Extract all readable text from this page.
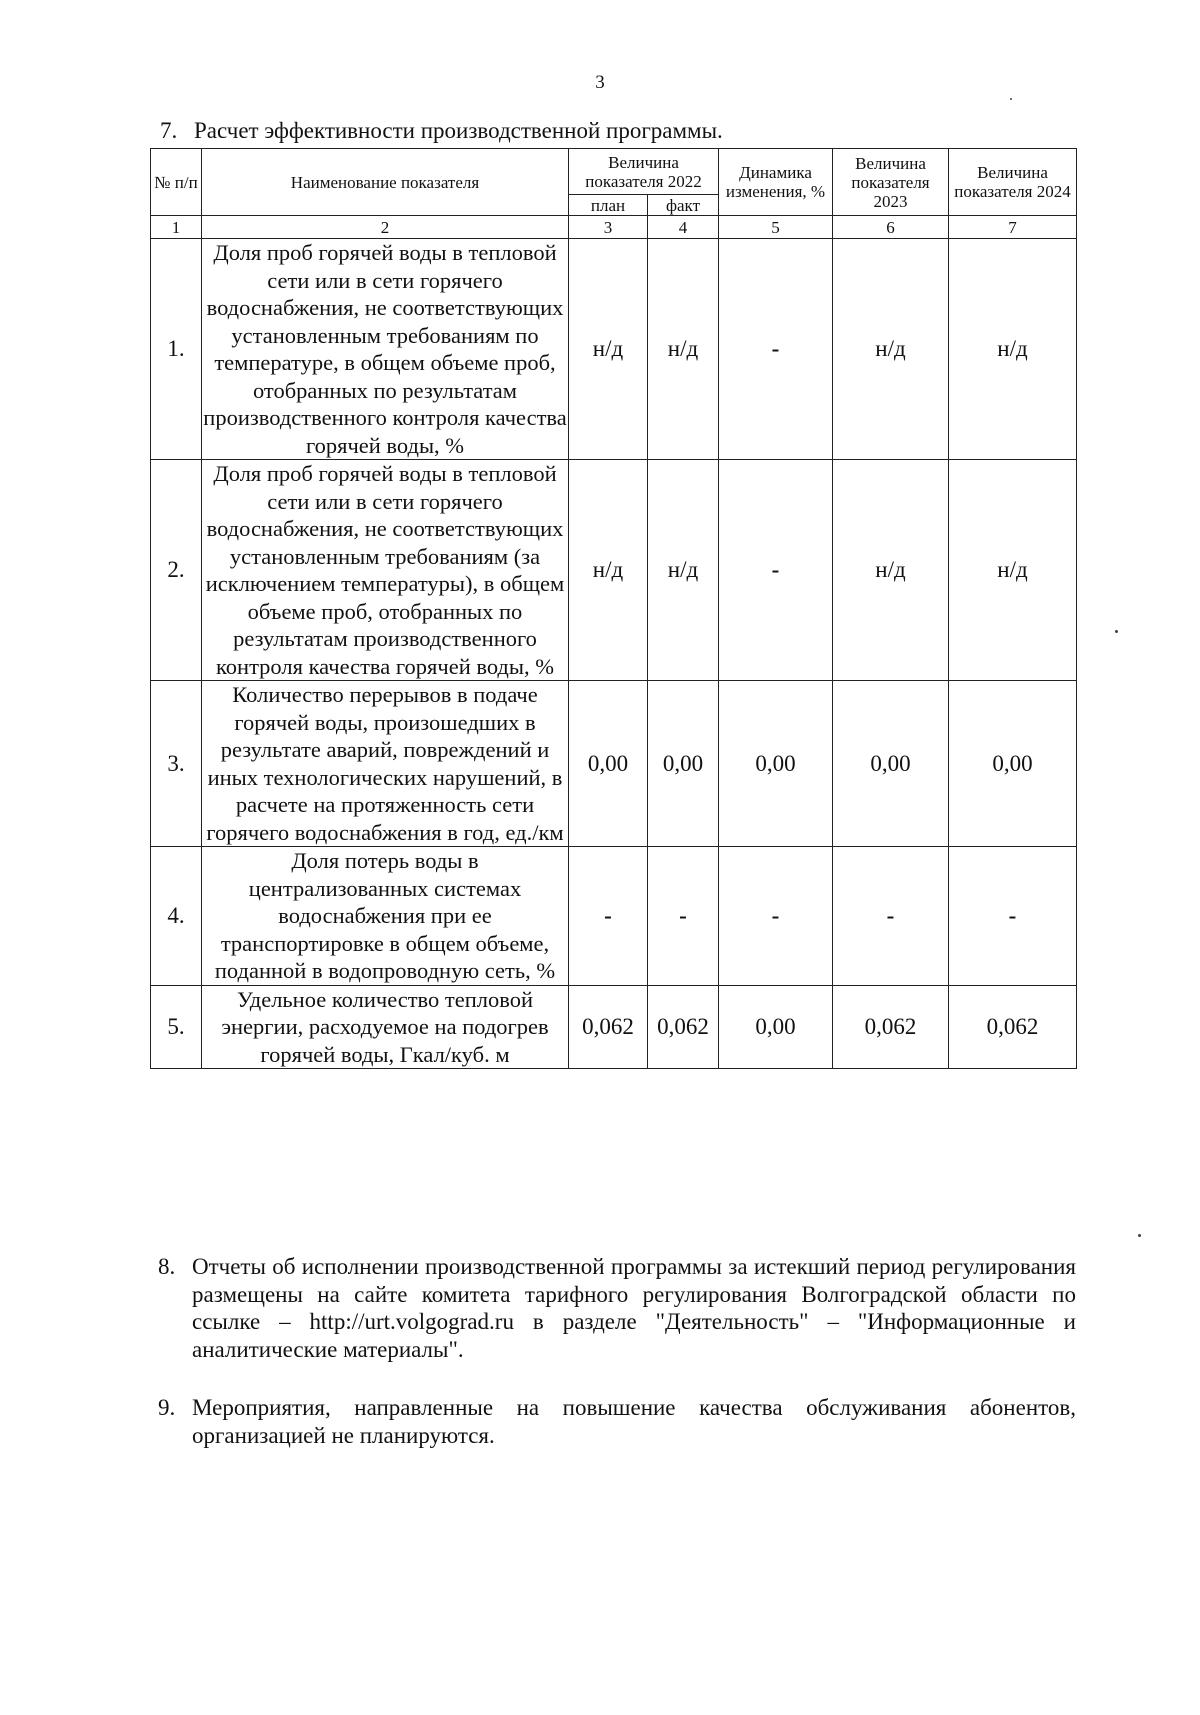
3
7. Расчет эффективности производственной программы.
№ п/п	Наименование показателя	Величина показателя 2022		Динамика изменения, %	Величина показателя 2023	Величина показателя 2024
		план	факт			
1	2	3	4	5	6	7
1.	Доля проб горячей воды в тепловой сети или в сети горячего водоснабжения, не соответствующих установленным требованиям по температуре, в общем объеме проб, отобранных по результатам производственного контроля качества горячей воды, %	н/д	н/д	-	н/д	н/д
2.	Доля проб горячей воды в тепловой сети или в сети горячего водоснабжения, не соответствующих установленным требованиям (за исключением температуры), в общем объеме проб, отобранных по результатам производственного контроля качества горячей воды, %	н/д	н/д	-	н/д	н/д
3.	Количество перерывов в подаче горячей воды, произошедших в результате аварий, повреждений и иных технологических нарушений, в расчете на протяженность сети горячего водоснабжения в год, ед./км	0,00	0,00	0,00	0,00	0,00
4.	Доля потерь воды в централизованных системах водоснабжения при ее транспортировке в общем объеме, поданной в водопроводную сеть, %	-	-	-	-	-
5.	Удельное количество тепловой энергии, расходуемое на подогрев горячей воды, Гкал/куб. м	0,062	0,062	0,00	0,062	0,062
8. Отчеты об исполнении производственной программы за истекший период регулирования размещены на сайте комитета тарифного регулирования Волгоградской области по ссылке – http://urt.volgograd.ru в разделе "Деятельность" – "Информационные и аналитические материалы".
9. Мероприятия, направленные на повышение качества обслуживания абонентов, организацией не планируются.
